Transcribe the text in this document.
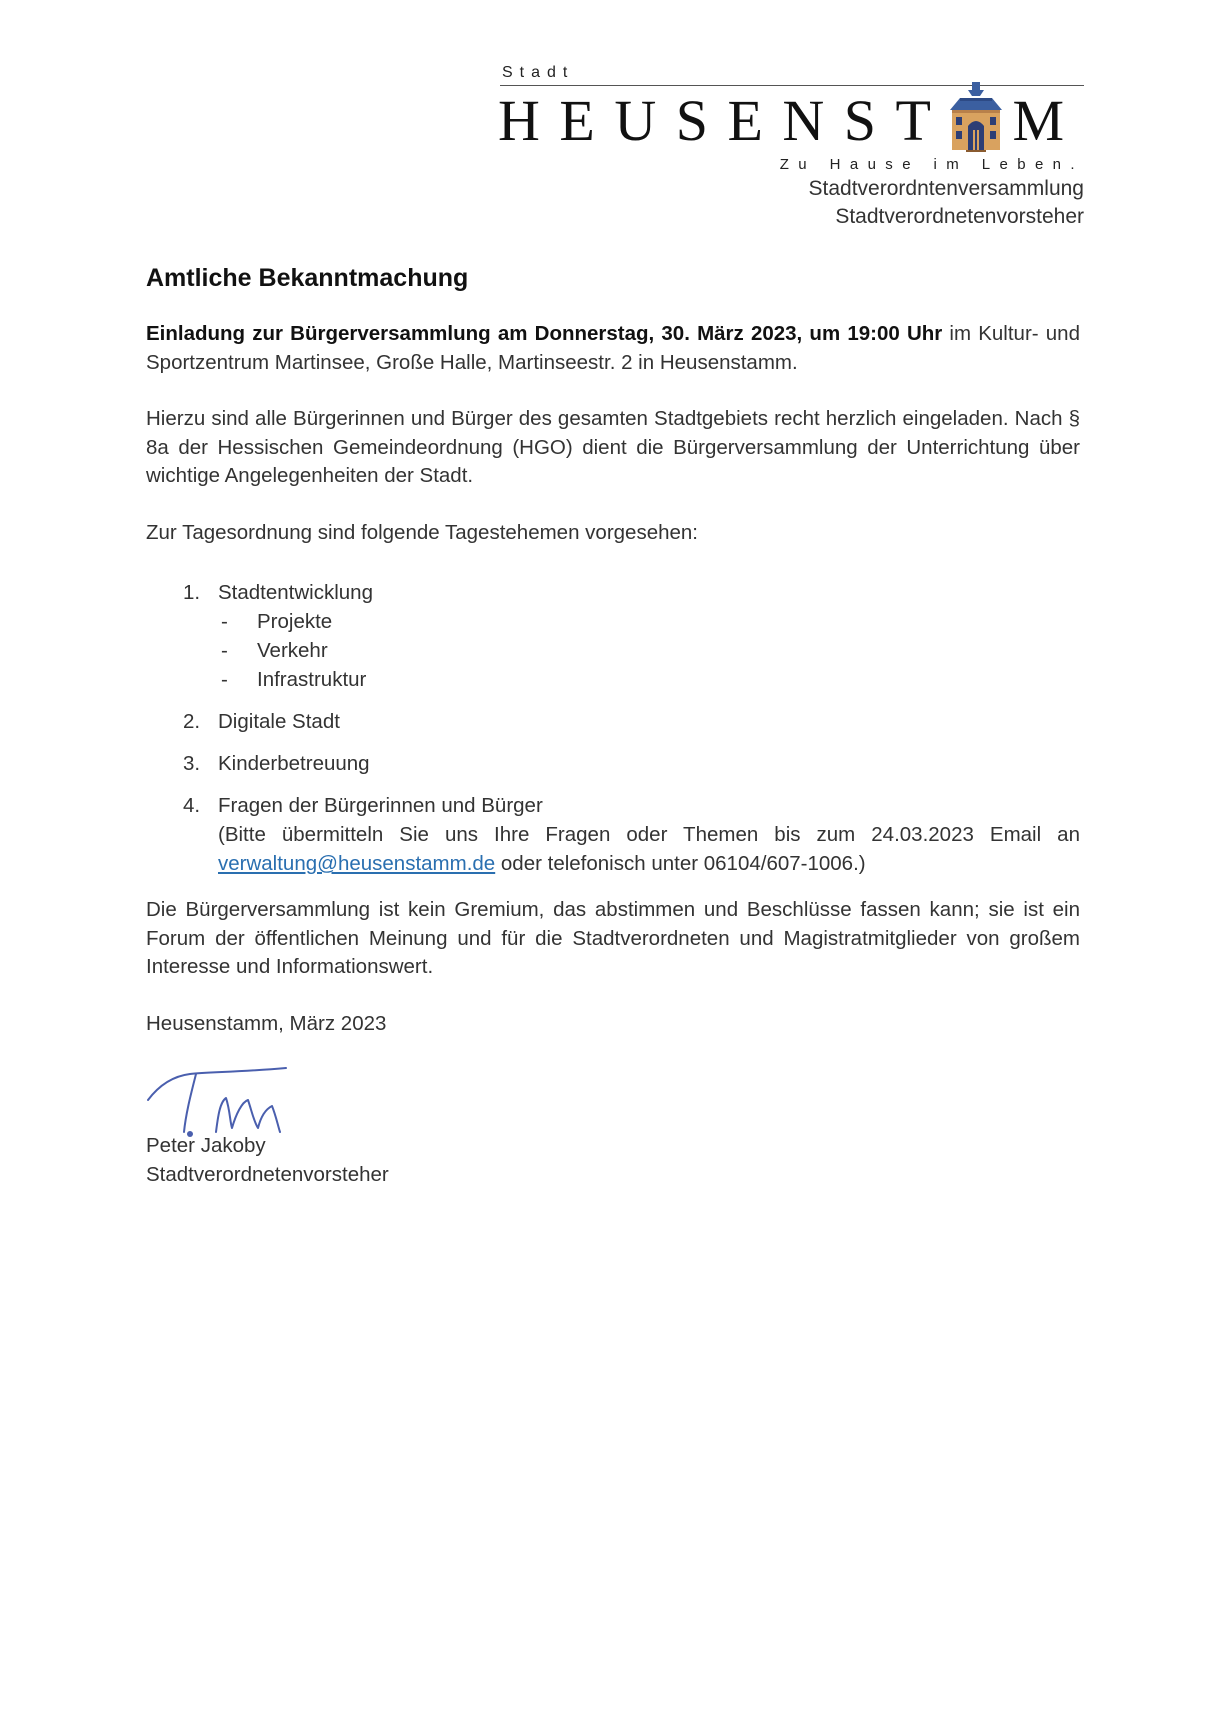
Stadt
HEUSENST M
Zu Hause im Leben.
Stadtverordntenversammlung
Stadtverordnetenvorsteher
Amtliche Bekanntmachung

Einladung zur Bürgerversammlung am Donnerstag, 30. März 2023, um 19:00 Uhr im Kultur- und Sportzentrum Martinsee, Große Halle, Martinseestr. 2 in Heusenstamm.

Hierzu sind alle Bürgerinnen und Bürger des gesamten Stadtgebiets recht herzlich eingeladen. Nach § 8a der Hessischen Gemeindeordnung (HGO) dient die Bürgerversammlung der Unterrichtung über wichtige Angelegenheiten der Stadt.

Zur Tagesordnung sind folgende Tagestehemen vorgesehen:

1. Stadtentwicklung
- Projekte
- Verkehr
- Infrastruktur
2. Digitale Stadt
3. Kinderbetreuung
4. Fragen der Bürgerinnen und Bürger
(Bitte übermitteln Sie uns Ihre Fragen oder Themen bis zum 24.03.2023 Email an verwaltung@heusenstamm.de oder telefonisch unter 06104/607-1006.)

Die Bürgerversammlung ist kein Gremium, das abstimmen und Beschlüsse fassen kann; sie ist ein Forum der öffentlichen Meinung und für die Stadtverordneten und Magistratmitglieder von großem Interesse und Informationswert.

Heusenstamm, März 2023

Peter Jakoby
Stadtverordnetenvorsteher
